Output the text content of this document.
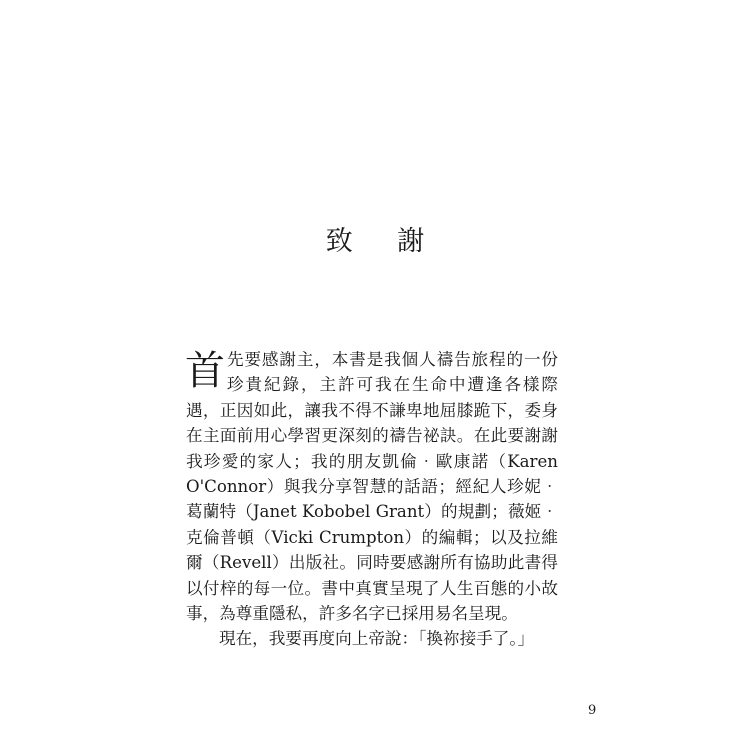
致 謝

首先要感謝主，本書是我個人禱告旅程的一份珍貴紀錄，主許可我在生命中遭逢各樣際遇，正因如此，讓我不得不謙卑地屈膝跪下，委身在主面前用心學習更深刻的禱告祕訣。在此要謝謝我珍愛的家人；我的朋友凱倫‧歐康諾（Karen O'Connor）與我分享智慧的話語；經紀人珍妮‧葛蘭特（Janet Kobobel Grant）的規劃；薇姬‧克倫普頓（Vicki Crumpton）的編輯；以及拉維爾（Revell）出版社。同時要感謝所有協助此書得以付梓的每一位。書中真實呈現了人生百態的小故事，為尊重隱私，許多名字已採用易名呈現。

現在，我要再度向上帝說：「換祢接手了。」

9
